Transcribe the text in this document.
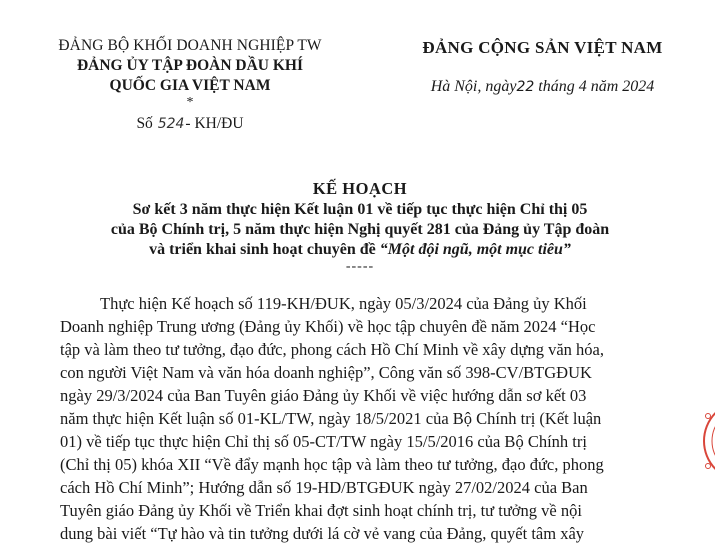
ĐẢNG BỘ KHỐI DOANH NGHIỆP TW
ĐẢNG ỦY TẬP ĐOÀN DẦU KHÍ
QUỐC GIA VIỆT NAM
*
Số 524- KH/ĐU
ĐẢNG CỘNG SẢN VIỆT NAM
Hà Nội, ngày22 tháng 4 năm 2024
KẾ HOẠCH
Sơ kết 3 năm thực hiện Kết luận 01 về tiếp tục thực hiện Chỉ thị 05
của Bộ Chính trị, 5 năm thực hiện Nghị quyết 281 của Đảng ủy Tập đoàn
và triển khai sinh hoạt chuyên đề “Một đội ngũ, một mục tiêu”
-----
Thực hiện Kế hoạch số 119-KH/ĐUK, ngày 05/3/2024 của Đảng ủy Khối
Doanh nghiệp Trung ương (Đảng ủy Khối) về học tập chuyên đề năm 2024 “Học
tập và làm theo tư tưởng, đạo đức, phong cách Hồ Chí Minh về xây dựng văn hóa,
con người Việt Nam và văn hóa doanh nghiệp”, Công văn số 398-CV/BTGĐUK
ngày 29/3/2024 của Ban Tuyên giáo Đảng ủy Khối về việc hướng dẫn sơ kết 03
năm thực hiện Kết luận số 01-KL/TW, ngày 18/5/2021 của Bộ Chính trị (Kết luận
01) về tiếp tục thực hiện Chỉ thị số 05-CT/TW ngày 15/5/2016 của Bộ Chính trị
(Chỉ thị 05) khóa XII “Về đẩy mạnh học tập và làm theo tư tưởng, đạo đức, phong
cách Hồ Chí Minh”; Hướng dẫn số 19-HD/BTGĐUK ngày 27/02/2024 của Ban
Tuyên giáo Đảng ủy Khối về Triển khai đợt sinh hoạt chính trị, tư tưởng về nội
dung bài viết “Tự hào và tin tưởng dưới lá cờ vẻ vang của Đảng, quyết tâm xây
